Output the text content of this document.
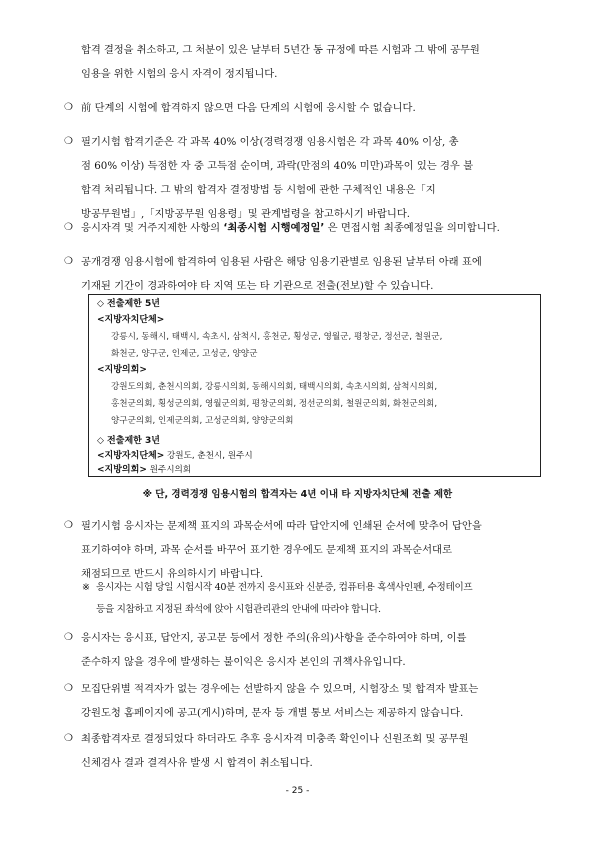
합격 결정을 취소하고, 그 처분이 있은 날부터 5년간 동 규정에 따른 시험과 그 밖에 공무원
임용을 위한 시험의 응시 자격이 정지됩니다.
❍ 前 단계의 시험에 합격하지 않으면 다음 단계의 시험에 응시할 수 없습니다.
❍ 필기시험 합격기준은 각 과목 40% 이상(경력경쟁 임용시험은 각 과목 40% 이상, 총
점 60% 이상) 득점한 자 중 고득점 순이며, 과락(만점의 40% 미만)과목이 있는 경우 불
합격 처리됩니다. 그 밖의 합격자 결정방법 등 시험에 관한 구체적인 내용은「지
방공무원법」,「지방공무원 임용령」및 관계법령을 참고하시기 바랍니다.
❍ 응시자격 및 거주지제한 사항의 ‘최종시험 시행예정일’ 은 면접시험 최종예정일을 의미합니다.
❍ 공개경쟁 임용시험에 합격하여 임용된 사람은 해당 임용기관별로 임용된 날부터 아래 표에
기재된 기간이 경과하여야 타 지역 또는 타 기관으로 전출(전보)할 수 있습니다.
◇ 전출제한 5년
<지방자치단체>
강릉시, 동해시, 태백시, 속초시, 삼척시, 홍천군, 횡성군, 영월군, 평창군, 정선군, 철원군,
화천군, 양구군, 인제군, 고성군, 양양군
<지방의회>
강원도의회, 춘천시의회, 강릉시의회, 동해시의회, 태백시의회, 속초시의회, 삼척시의회,
홍천군의회, 횡성군의회, 영월군의회, 평창군의회, 정선군의회, 철원군의회, 화천군의회,
양구군의회, 인제군의회, 고성군의회, 양양군의회
◇ 전출제한 3년
<지방자치단체> 강원도, 춘천시, 원주시
<지방의회> 원주시의회
※ 단, 경력경쟁 임용시험의 합격자는 4년 이내 타 지방자치단체 전출 제한
❍ 필기시험 응시자는 문제책 표지의 과목순서에 따라 답안지에 인쇄된 순서에 맞추어 답안을
표기하여야 하며, 과목 순서를 바꾸어 표기한 경우에도 문제책 표지의 과목순서대로
채점되므로 반드시 유의하시기 바랍니다.
※ 응시자는 시험 당일 시험시작 40분 전까지 응시표와 신분증, 컴퓨터용 흑색사인펜, 수정테이프
등을 지참하고 지정된 좌석에 앉아 시험관리관의 안내에 따라야 합니다.
❍ 응시자는 응시표, 답안지, 공고문 등에서 정한 주의(유의)사항을 준수하여야 하며, 이를
준수하지 않을 경우에 발생하는 불이익은 응시자 본인의 귀책사유입니다.
❍ 모집단위별 적격자가 없는 경우에는 선발하지 않을 수 있으며, 시험장소 및 합격자 발표는
강원도청 홈페이지에 공고(게시)하며, 문자 등 개별 통보 서비스는 제공하지 않습니다.
❍ 최종합격자로 결정되었다 하더라도 추후 응시자격 미충족 확인이나 신원조회 및 공무원
신체검사 결과 결격사유 발생 시 합격이 취소됩니다.
- 25 -
